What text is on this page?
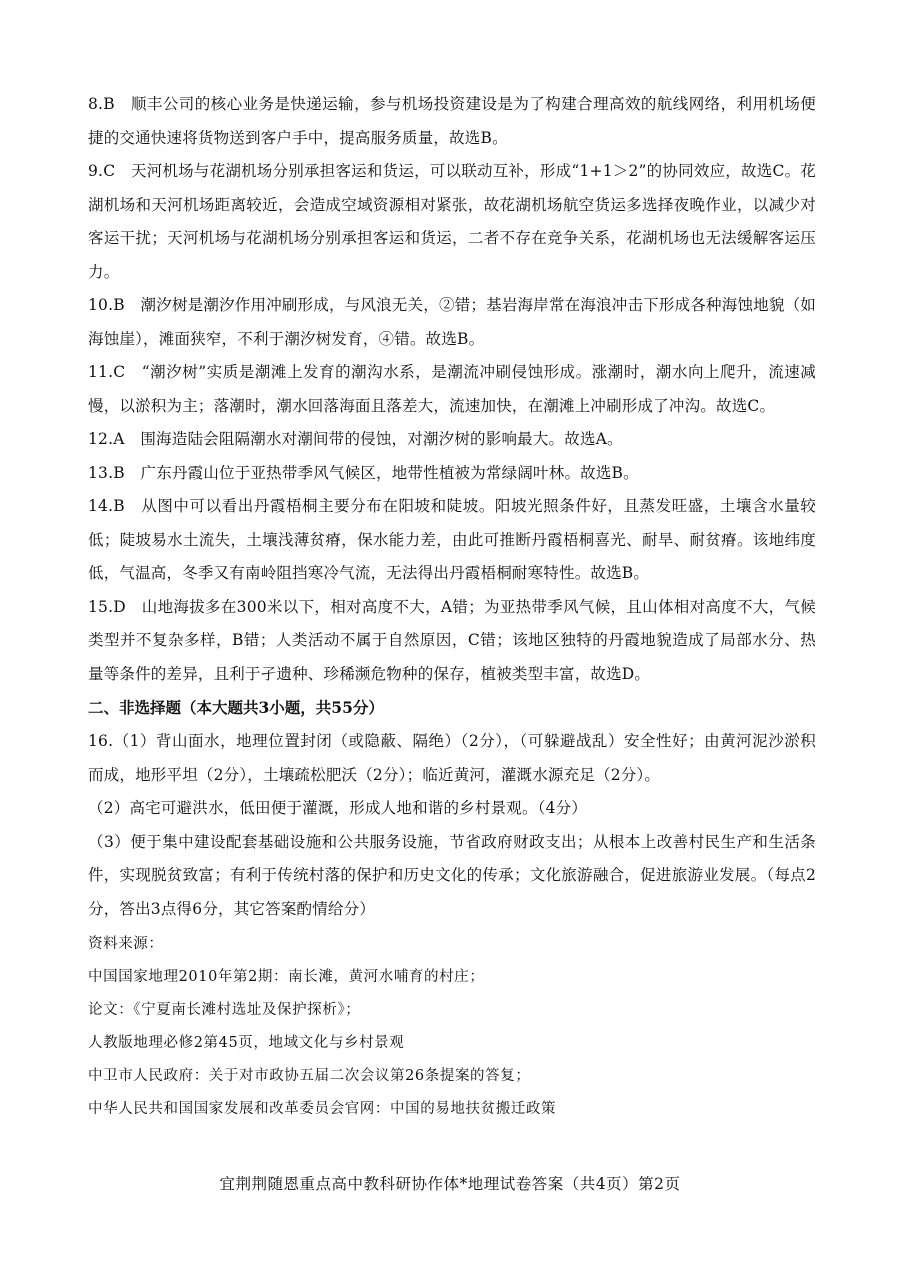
8.B　顺丰公司的核心业务是快递运输，参与机场投资建设是为了构建合理高效的航线网络，利用机场便捷的交通快速将货物送到客户手中，提高服务质量，故选B。

9.C　天河机场与花湖机场分别承担客运和货运，可以联动互补，形成“1+1＞2”的协同效应，故选C。花湖机场和天河机场距离较近，会造成空域资源相对紧张，故花湖机场航空货运多选择夜晚作业，以减少对客运干扰；天河机场与花湖机场分别承担客运和货运，二者不存在竞争关系，花湖机场也无法缓解客运压力。

10.B　潮汐树是潮汐作用冲刷形成，与风浪无关，②错；基岩海岸常在海浪冲击下形成各种海蚀地貌（如海蚀崖），滩面狭窄，不利于潮汐树发育，④错。故选B。

11.C　“潮汐树”实质是潮滩上发育的潮沟水系，是潮流冲刷侵蚀形成。涨潮时，潮水向上爬升，流速减慢，以淤积为主；落潮时，潮水回落海面且落差大，流速加快，在潮滩上冲刷形成了冲沟。故选C。

12.A　围海造陆会阻隔潮水对潮间带的侵蚀，对潮汐树的影响最大。故选A。

13.B　广东丹霞山位于亚热带季风气候区，地带性植被为常绿阔叶林。故选B。

14.B　从图中可以看出丹霞梧桐主要分布在阳坡和陡坡。阳坡光照条件好，且蒸发旺盛，土壤含水量较低；陡坡易水土流失，土壤浅薄贫瘠，保水能力差，由此可推断丹霞梧桐喜光、耐旱、耐贫瘠。该地纬度低，气温高，冬季又有南岭阻挡寒冷气流，无法得出丹霞梧桐耐寒特性。故选B。

15.D　山地海拔多在300米以下，相对高度不大，A错；为亚热带季风气候，且山体相对高度不大，气候类型并不复杂多样，B错；人类活动不属于自然原因，C错；该地区独特的丹霞地貌造成了局部水分、热量等条件的差异，且利于孑遗种、珍稀濒危物种的保存，植被类型丰富，故选D。

二、非选择题（本大题共3小题，共55分）

16.（1）背山面水，地理位置封闭（或隐蔽、隔绝）（2分），（可躲避战乱）安全性好；由黄河泥沙淤积而成，地形平坦（2分），土壤疏松肥沃（2分）；临近黄河，灌溉水源充足（2分）。

（2）高宅可避洪水，低田便于灌溉，形成人地和谐的乡村景观。（4分）

（3）便于集中建设配套基础设施和公共服务设施，节省政府财政支出；从根本上改善村民生产和生活条件，实现脱贫致富；有利于传统村落的保护和历史文化的传承；文化旅游融合，促进旅游业发展。（每点2分，答出3点得6分，其它答案酌情给分）

资料来源：

中国国家地理2010年第2期：南长滩，黄河水哺育的村庄；

论文：《宁夏南长滩村选址及保护探析》；

人教版地理必修2第45页，地域文化与乡村景观

中卫市人民政府：关于对市政协五届二次会议第26条提案的答复；

中华人民共和国国家发展和改革委员会官网：中国的易地扶贫搬迁政策

宜荆荆随恩重点高中教科研协作体*地理试卷答案（共4页）第2页
